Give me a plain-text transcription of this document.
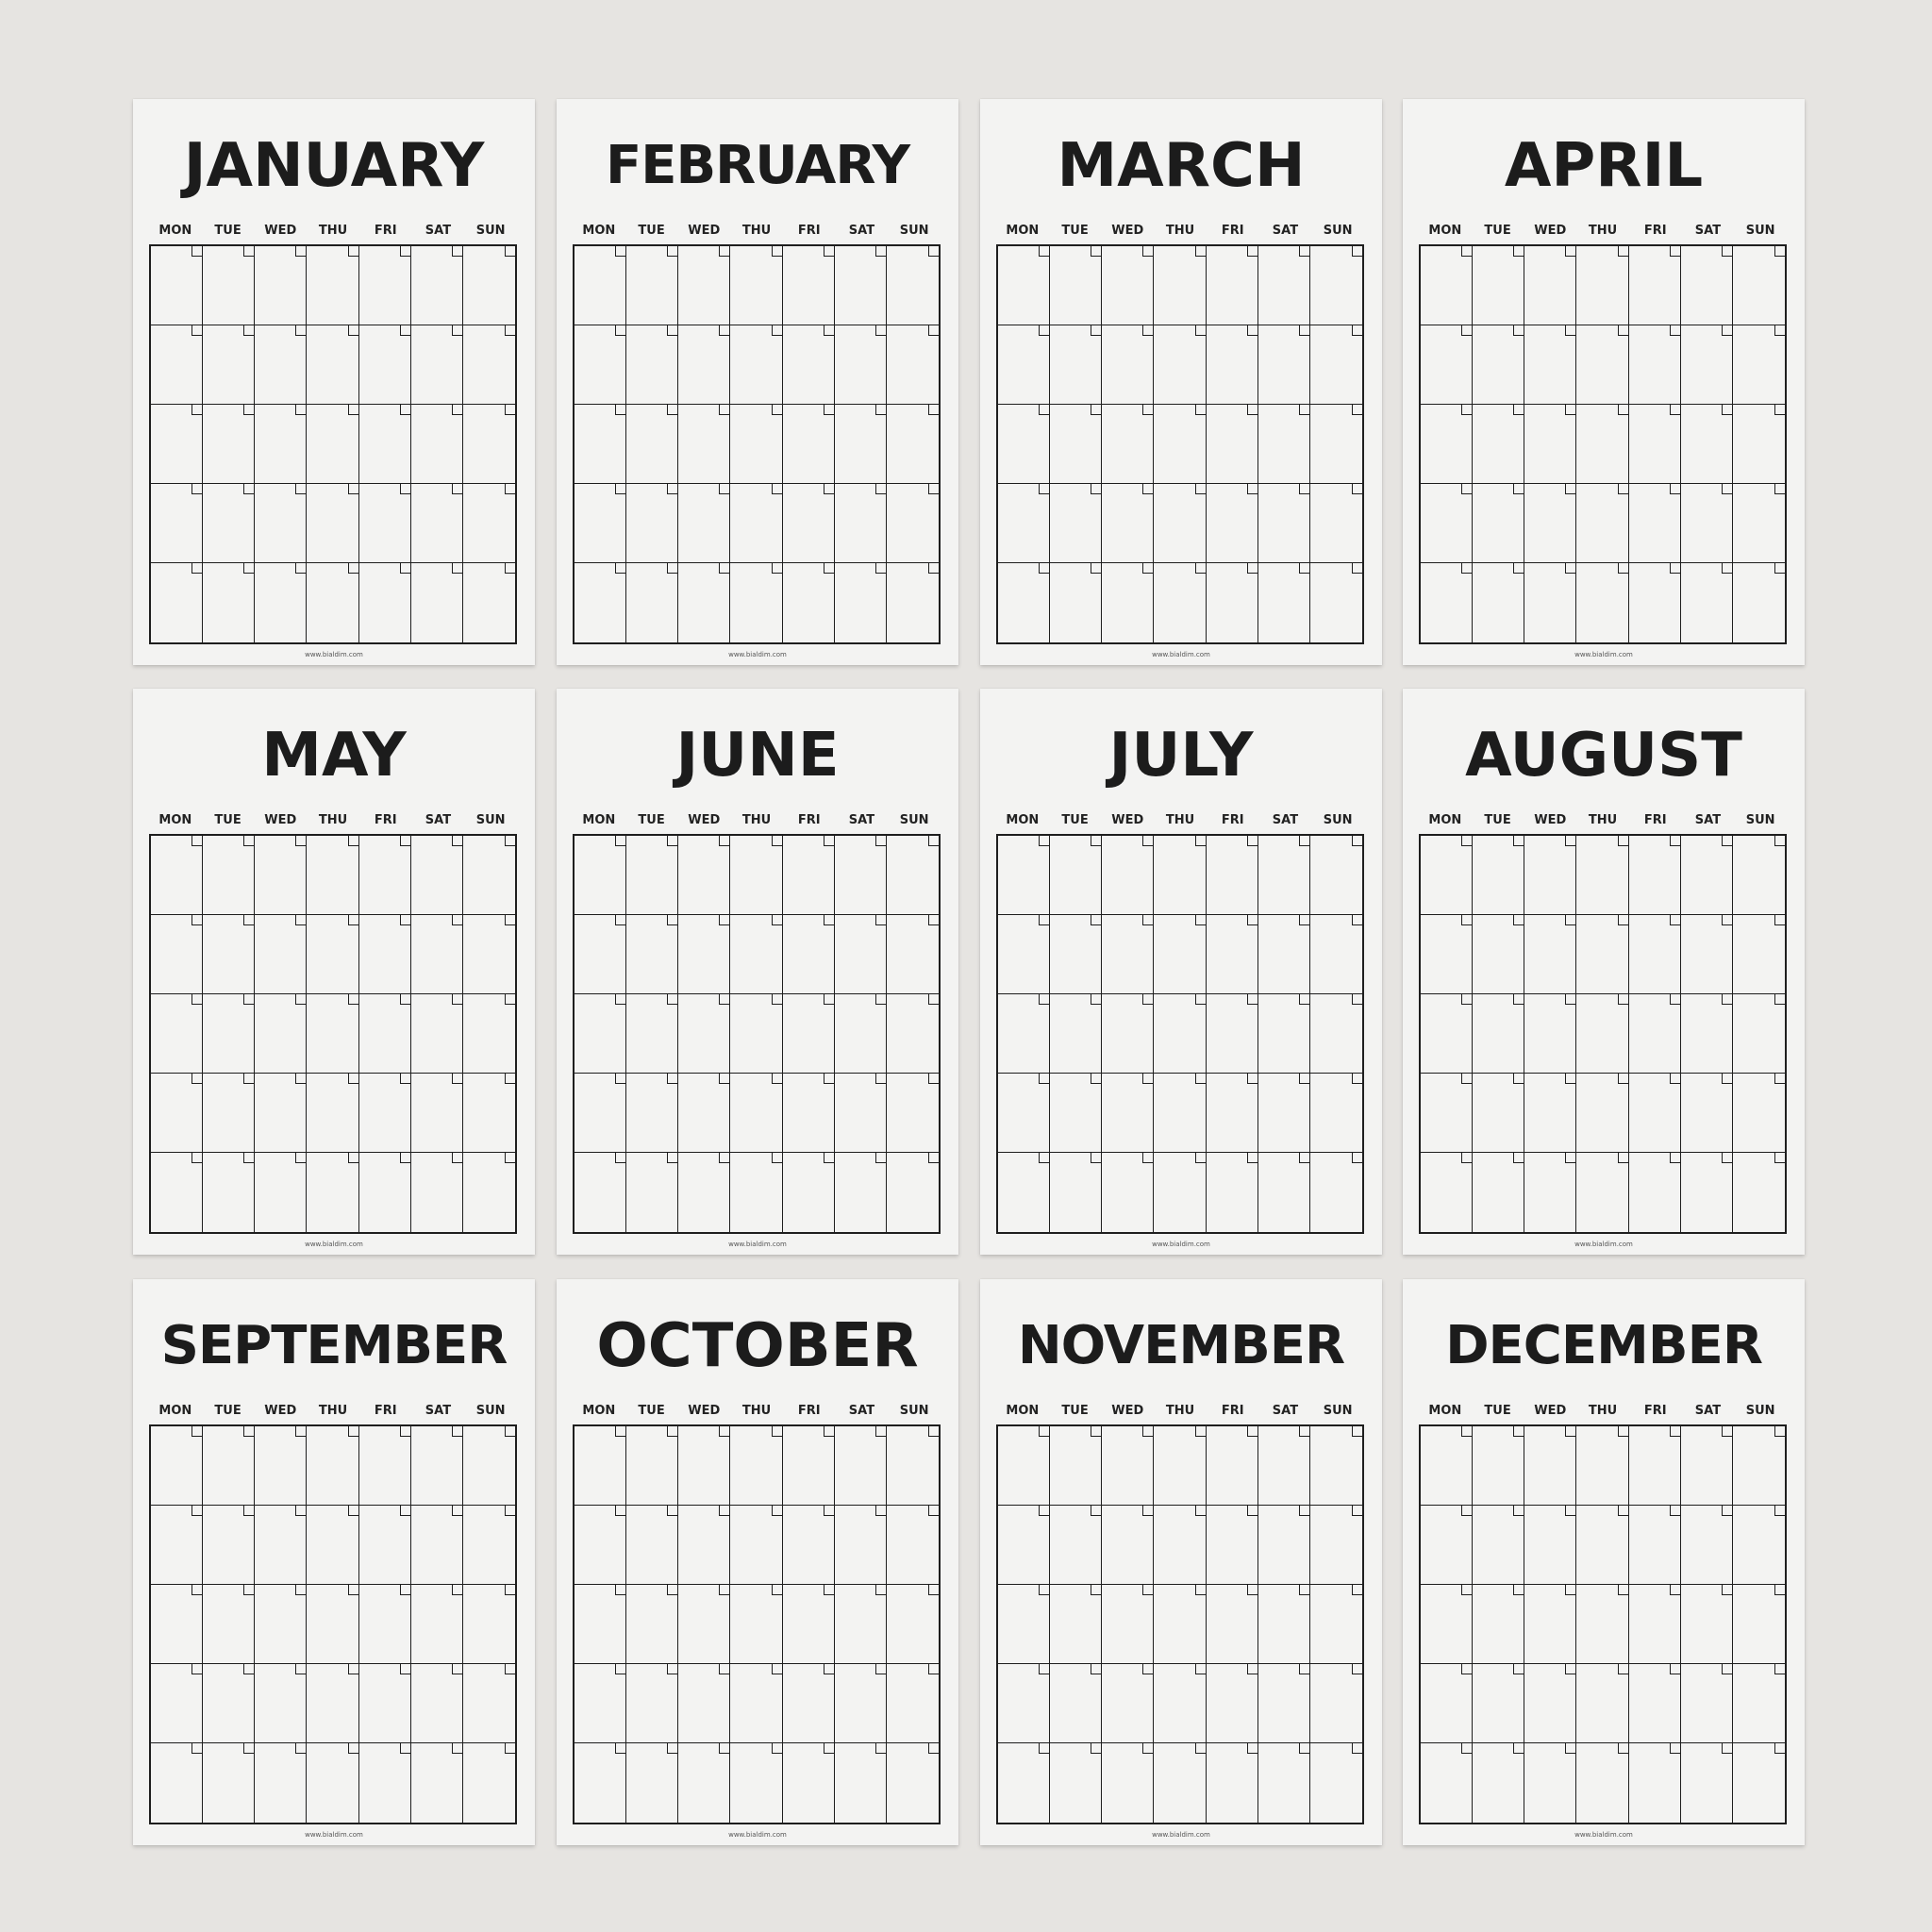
JANUARY
MON	TUE	WED	THU	FRI	SAT	SUN
www.bialdim.com
FEBRUARY
MON	TUE	WED	THU	FRI	SAT	SUN
www.bialdim.com
MARCH
MON	TUE	WED	THU	FRI	SAT	SUN
www.bialdim.com
APRIL
MON	TUE	WED	THU	FRI	SAT	SUN
www.bialdim.com
MAY
MON	TUE	WED	THU	FRI	SAT	SUN
www.bialdim.com
JUNE
MON	TUE	WED	THU	FRI	SAT	SUN
www.bialdim.com
JULY
MON	TUE	WED	THU	FRI	SAT	SUN
www.bialdim.com
AUGUST
MON	TUE	WED	THU	FRI	SAT	SUN
www.bialdim.com
SEPTEMBER
MON	TUE	WED	THU	FRI	SAT	SUN
www.bialdim.com
OCTOBER
MON	TUE	WED	THU	FRI	SAT	SUN
www.bialdim.com
NOVEMBER
MON	TUE	WED	THU	FRI	SAT	SUN
www.bialdim.com
DECEMBER
MON	TUE	WED	THU	FRI	SAT	SUN
www.bialdim.com
